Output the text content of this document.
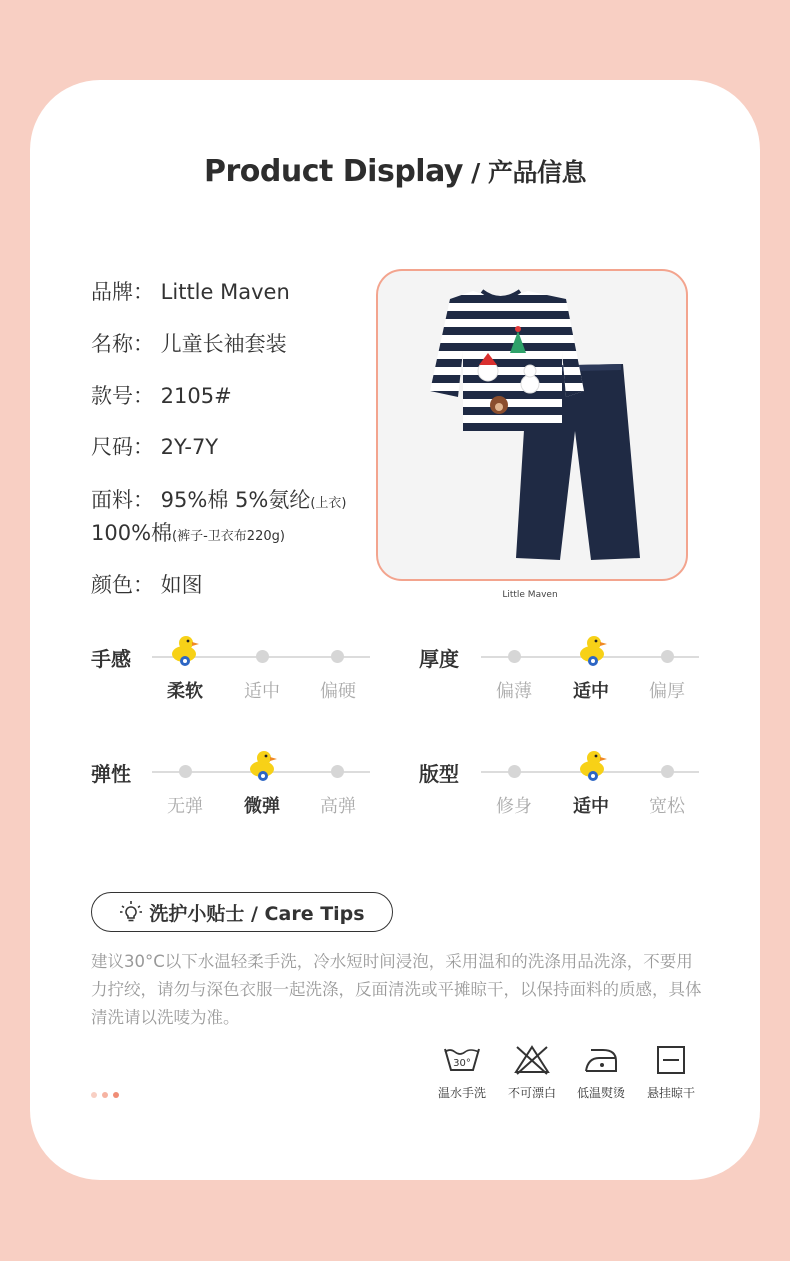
Product Display / 产品信息
品牌： Little Maven
名称： 儿童长袖套装
款号： 2105#
尺码： 2Y-7Y
面料： 95%棉 5%氨纶(上衣)
100%棉(裤子-卫衣布220g)
颜色： 如图	Little Maven
手感
柔软	适中	偏硬
厚度
偏薄	适中	偏厚
弹性
无弹	微弹	高弹
版型
修身	适中	宽松
洗护小贴士 / Care Tips
建议30°C以下水温轻柔手洗，冷水短时间浸泡，采用温和的洗涤用品洗涤，不要用力拧绞，请勿与深色衣服一起洗涤，反面清洗或平摊晾干，以保持面料的质感，具体清洗请以洗唛为准。
30°
温水手洗	不可漂白	低温熨烫	悬挂晾干
